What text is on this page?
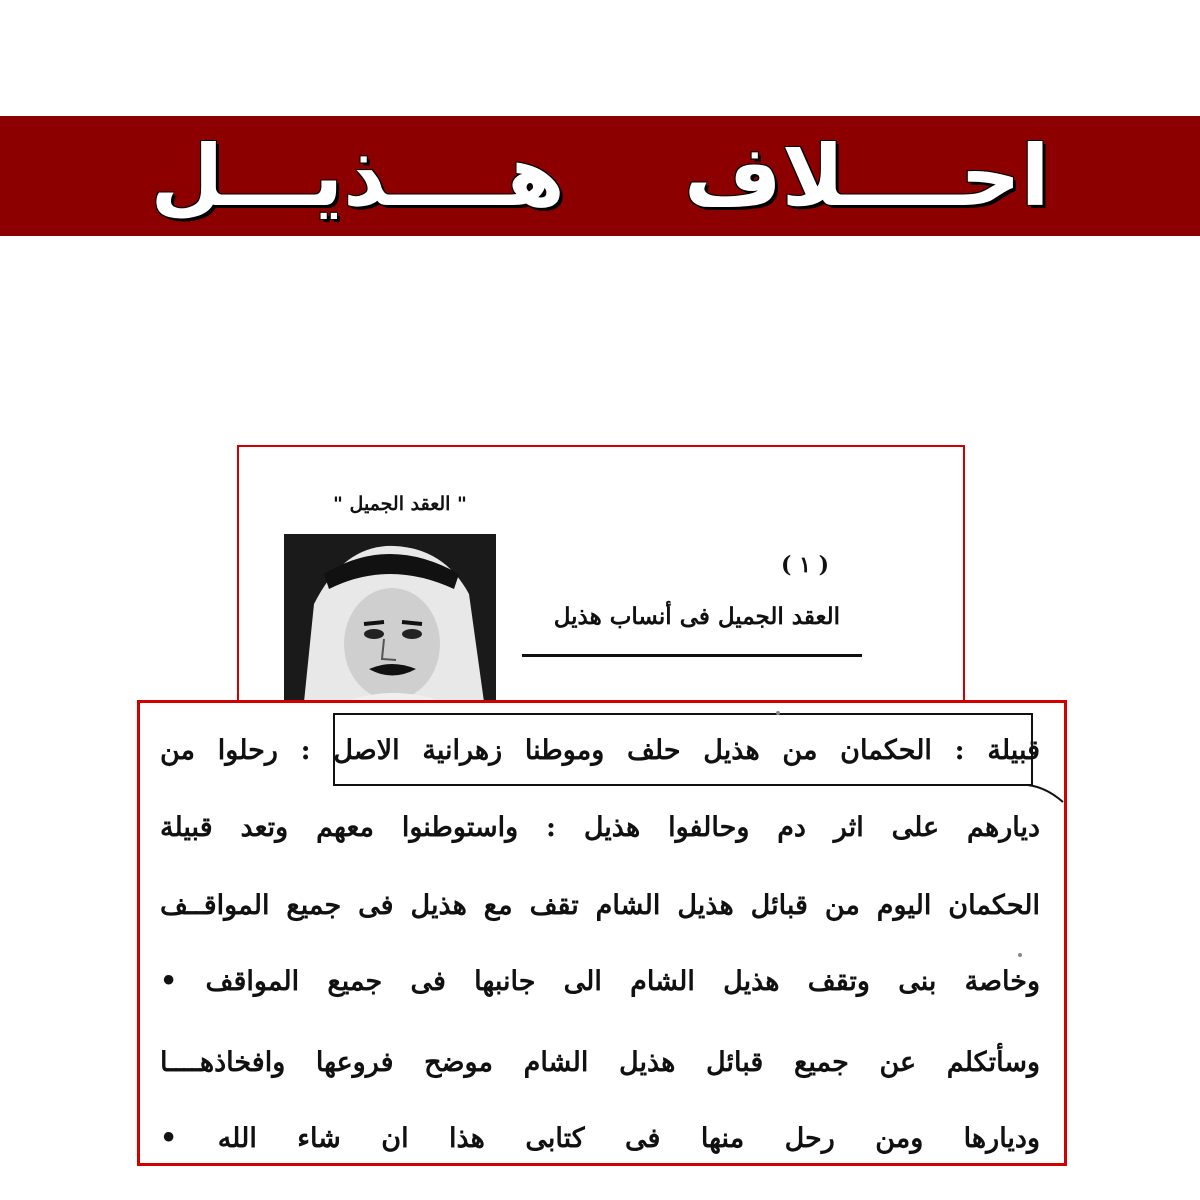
احــــلاف هــــذيـــل
" العقد الجميل "
( ١ )
العقد الجميل فى أنساب هذيل
قبيلة : الحكمان من هذيل حلف وموطنا زهرانية الاصل : رحلوا من
ديارهم على اثر دم وحالفوا هذيل : واستوطنوا معهم وتعد قبيلة
الحكمان اليوم من قبائل هذيل الشام تقف مع هذيل فى جميع المواقــف
وخاصة بنى وتقف هذيل الشام الى جانبها فى جميع المواقف •
وسأتكلم عن جميع قبائل هذيل الشام موضح فروعها وافخاذهــــا
وديارها ومن رحل منها فى كتابى هذا ان شاء الله •
